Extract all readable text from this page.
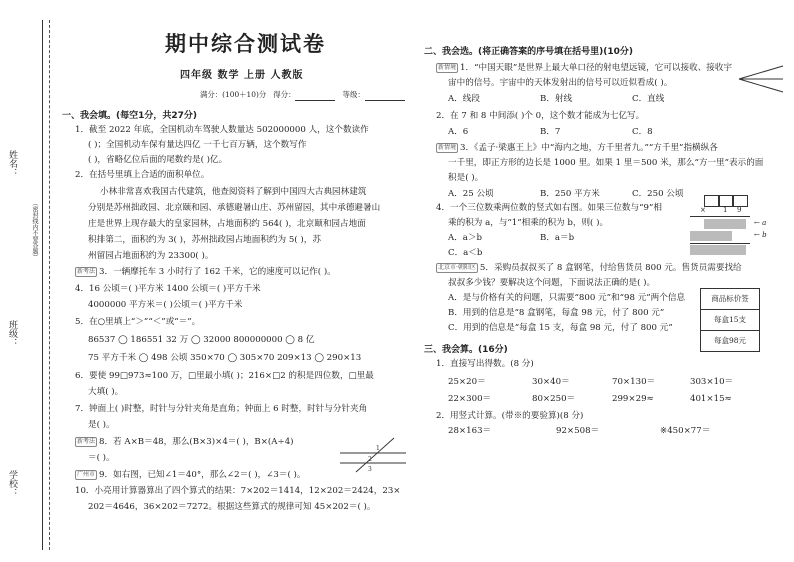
学校：
班级：
姓名：
（密封线内不要答题）
期中综合测试卷
四年级 数学 上册 人教版
满分：(100＋10)分 得分：	等级：
一、我会填。(每空1分，共27分)
1．截至 2022 年底，全国机动车驾驶人数量达 502000000 人，这个数读作
( )；全国机动车保有量达四亿 一千七百万辆，这个数写作
( )，省略亿位后面的尾数约是( )亿。
2．在括号里填上合适的面积单位。
小林非常喜欢我国古代建筑，他查阅资料了解到中国四大古典园林建筑
分别是苏州拙政园、北京颐和园、承德避暑山庄、苏州留园，其中承德避暑山
庄是世界上现存最大的皇家园林，占地面积约 564( )，北京颐和园占地面
积排第二，面积约为 3( )，苏州拙政园占地面积约为 5( )，苏
州留园占地面积约为 23300( )。
新考法 3．一辆摩托车 3 小时行了 162 千米，它的速度可以记作( )。
4．16 公顷＝( )平方米 1400 公顷＝( )平方千米
4000000 平方米＝( )公顷＝( )平方千米
5．在○里填上“＞”“＜”或“＝”。
86537 ◯ 186551 32 万 ◯ 32000 800000000 ◯ 8 亿
75 平方千米 ◯ 498 公顷 350×70 ◯ 305×70 209×13 ◯ 290×13
6．要使 99□973≈100 万，□里最小填( )；216×□2 的积是四位数，□里最
大填( )。
7．钟面上( )时整，时针与分针夹角是直角；钟面上 6 时整，时针与分针夹角
是( )。
新考法 8．若 A×B＝48，那么(B×3)×4＝( )，B×(A÷4)
＝( )。
广州市 9．如右图，已知∠1＝40°，那么∠2＝( )，∠3＝( )。
10．小亮用计算器算出了四个算式的结果：7×202＝1414，12×202＝2424，23×
202＝4646，36×202＝7272。根据这些算式的规律可知 45×202＝( )。
1
2
3
二、我会选。(将正确答案的序号填在括号里)(10分)
新情境 1．“中国天眼”是世界上最大单口径的射电望远镜，它可以接收、接收宇
宙中的信号。宇宙中的天体发射出的信号可以近似看成( )。
A．线段	B．射线	C．直线
2．在 7 和 8 中间添( )个 0，这个数才能成为七亿写。
A．6	B．7	C．8
新情境 3．《孟子·梁惠王上》中“海内之地，方千里者九。”“方千里”指横纵各
一千里，即正方形的边长是 1000 里。如果 1 里＝500 米，那么“方一里”表示的面
积是( )。
A．25 公顷	B．250 平方米	C．250 公顷
4．一个三位数乘两位数的竖式如右图。如果三位数与“9”相
乘的积为 a，与“1”相乘的积为 b，则( )。
A．a＞b	B．a＝b
C．a＜b
× 1 9
← a
← b
北京市·朝阳区 5．采购员叔叔买了 8 盒钢笔，付给售货员 800 元。售货员需要找给
叔叔多少钱？要解决这个问题，下面说法正确的是( )。
A．是与价格有关的问题，只需要“800 元”和“98 元”两个信息
B．用到的信息是“8 盒钢笔，每盒 98 元，付了 800 元”
C．用到的信息是“每盒 15 支，每盒 98 元，付了 800 元”
商品标价签
每盒15支
每盒98元
三、我会算。(16分)
1．直接写出得数。(8 分)
25×20＝	30×40＝	70×130＝	303×10＝
22×300＝	80×250＝	299×29≈	401×15≈
2．用竖式计算。(带※的要验算)(8 分)
28×163＝	92×508＝	※450×77＝
